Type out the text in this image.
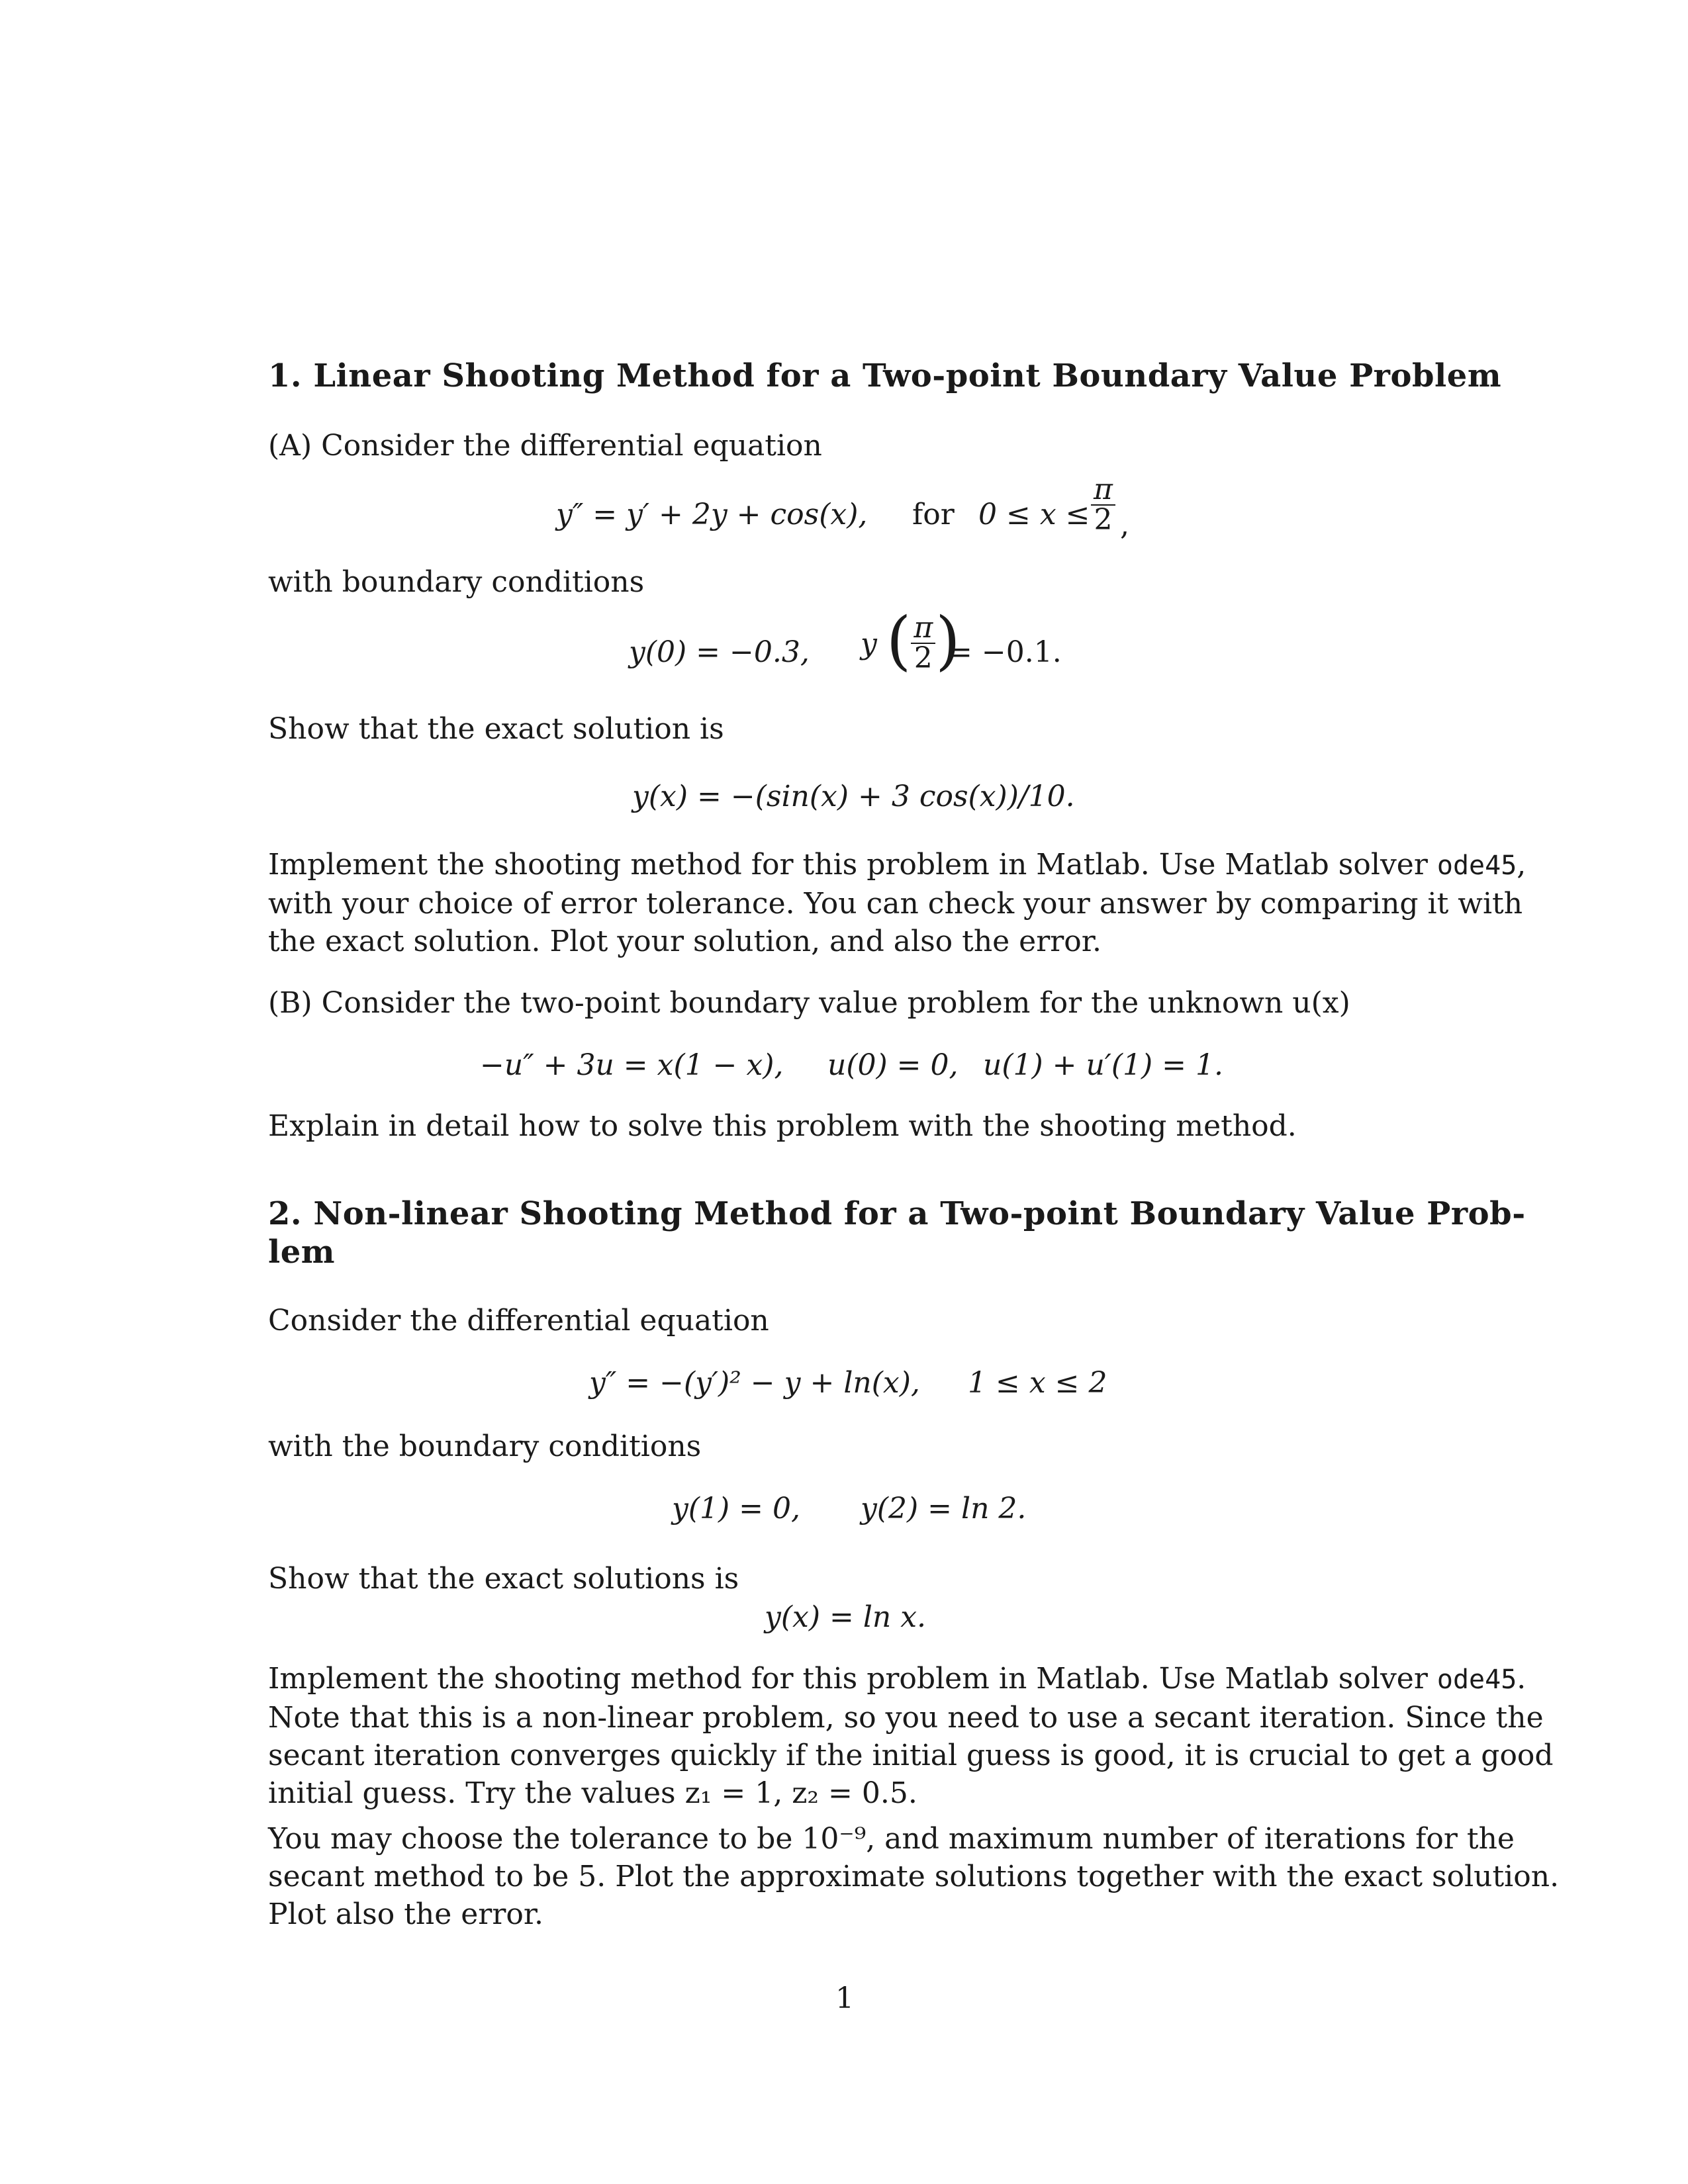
1. Linear Shooting Method for a Two-point Boundary Value Problem
(A) Consider the differential equation
y″ = y′ + 2y + cos(x), for $0 \le x \le \frac{\pi}{2}$ ,
with boundary conditions
y(0) = −0.3, y ( $\frac{\pi}{2}$ )
= −0.1.
Show that the exact solution is
y(x) = −(sin(x) + 3 cos(x))/10.
Implement the shooting method for this problem in Matlab. Use Matlab solver ode45,
with your choice of error tolerance. You can check your answer by comparing it with
the exact solution. Plot your solution, and also the error.
(B) Consider the two-point boundary value problem for the unknown u(x)
−u″ + 3u = x(1 − x), u(0) = 0, u(1) + u′(1) = 1.
Explain in detail how to solve this problem with the shooting method.
2. Non-linear Shooting Method for a Two-point Boundary Value Prob-
lem
Consider the differential equation
y″ = −(y′)² − y + ln(x), 1 ≤ x ≤ 2
with the boundary conditions
y(1) = 0, y(2) = ln 2.
Show that the exact solutions is
y(x) = ln x.
Implement the shooting method for this problem in Matlab. Use Matlab solver ode45.
Note that this is a non-linear problem, so you need to use a secant iteration. Since the
secant iteration converges quickly if the initial guess is good, it is crucial to get a good
initial guess. Try the values z₁ = 1, z₂ = 0.5.
You may choose the tolerance to be 10⁻⁹, and maximum number of iterations for the
secant method to be 5. Plot the approximate solutions together with the exact solution.
Plot also the error.
1
